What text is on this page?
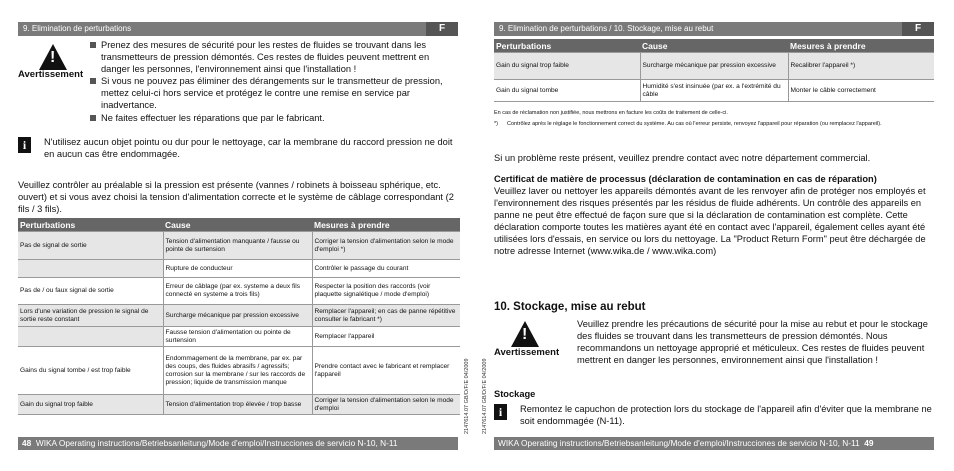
9. Elimination de perturbations	F
!
Avertissement
Prenez des mesures de sécurité pour les restes de fluides se trouvant dans les transmetteurs de pression démontés. Ces restes de fluides peuvent mettrent en danger les personnes, l'environnement ainsi que l'installation !
Si vous ne pouvez pas éliminer des dérangements sur le transmetteur de pression, mettez celui-ci hors service et protégez le contre une remise en service par inadvertance.
Ne faites effectuer les réparations que par le fabricant.
i	N'utilisez aucun objet pointu ou dur pour le nettoyage, car la membrane du raccord pression ne doit en aucun cas être endommagée.
Veuillez contrôler au préalable si la pression est présente (vannes / robinets à boisseau sphérique, etc. ouvert) et si vous avez choisi la tension d'alimentation correcte et le système de câblage correspondant (2 fils / 3 fils).
Perturbations	Cause	Mesures à prendre
Pas de signal de sortie	Tension d'alimentation manquante / fausse ou pointe de surtension	Corriger la tension d'alimentation selon le mode d'emploi *)
	Rupture de conducteur	Contrôler le passage du courant
Pas de / ou faux signal de sortie	Erreur de câblage (par ex. systeme a deux fils connecté en systeme a trois fils)	Respecter la position des raccords (voir plaquette signalétique / mode d'emploi)
Lors d'une variation de pression le signal de sortie reste constant	Surcharge mécanique par pression excessive	Remplacer l'appareil; en cas de panne répétitive consulter le fabricant *)
	Fausse tension d'alimentation ou pointe de surtension	Remplacer l'appareil
Gains du signal tombe / est trop faible	Endommagement de la membrane, par ex. par des coups, des fluides abrasifs / agressifs; corrosion sur la membrane / sur les raccords de pression; liquide de transmission manque	Prendre contact avec le fabricant et remplacer l'appareil
Gain du signal trop faible	Tension d'alimentation trop élevée / trop basse	Corriger la tension d'alimentation selon le mode d'emploi	2147614.07 GB/D/F/E 04/2009
48 WIKA Operating instructions/Betriebsanleitung/Mode d'emploi/Instrucciones de servicio N-10, N-11
9. Elimination de perturbations / 10. Stockage, mise au rebut	F
Perturbations	Cause	Mesures à prendre
Gain du signal trop faible	Surcharge mécanique par pression excessive	Recalibrer l'appareil *)
Gain du signal tombe	Humidité s'est insinuée (par ex. a l'extrémité du câble	Monter le câble correctement
En cas de réclamation non justifiée, nous mettrons en facture les coûts de traitement de celle-ci.
*) Contrôlez après le réglage le fonctionnement correct du système. Au cas où l'erreur persiste, renvoyez l'appareil pour réparation (ou remplacez l'appareil).
Si un problème reste présent, veuillez prendre contact avec notre département commercial.
Certificat de matière de processus (déclaration de contamination en cas de réparation)
Veuillez laver ou nettoyer les appareils démontés avant de les renvoyer afin de protéger nos employés et l'environnement des risques présentés par les résidus de fluide adhérents. Un contrôle des appareils en panne ne peut être effectué de façon sure que si la déclaration de contamination est complète. Cette déclaration comporte toutes les matières ayant été en contact avec l'appareil, également celles ayant été utilisées lors d'essais, en service ou lors du nettoyage. La "Product Return Form" peut être déchargée de notre adresse Internet (www.wika.de / www.wika.com)
10. Stockage, mise au rebut
!
Avertissement
Veuillez prendre les précautions de sécurité pour la mise au rebut et pour le stockage des fluides se trouvant dans les transmetteurs de pression démontés. Nous recommandons un nettoyage approprié et méticuleux. Ces restes de fluides peuvent mettrent en danger les personnes, environnement ainsi que l'installation !
Stockage
i	Remontez le capuchon de protection lors du stockage de l'appareil afin d'éviter que la membrane ne soit endommagée (N-11).
2147614.07 GB/D/F/E 04/2009
WIKA Operating instructions/Betriebsanleitung/Mode d'emploi/Instrucciones de servicio N-10, N-11 49
